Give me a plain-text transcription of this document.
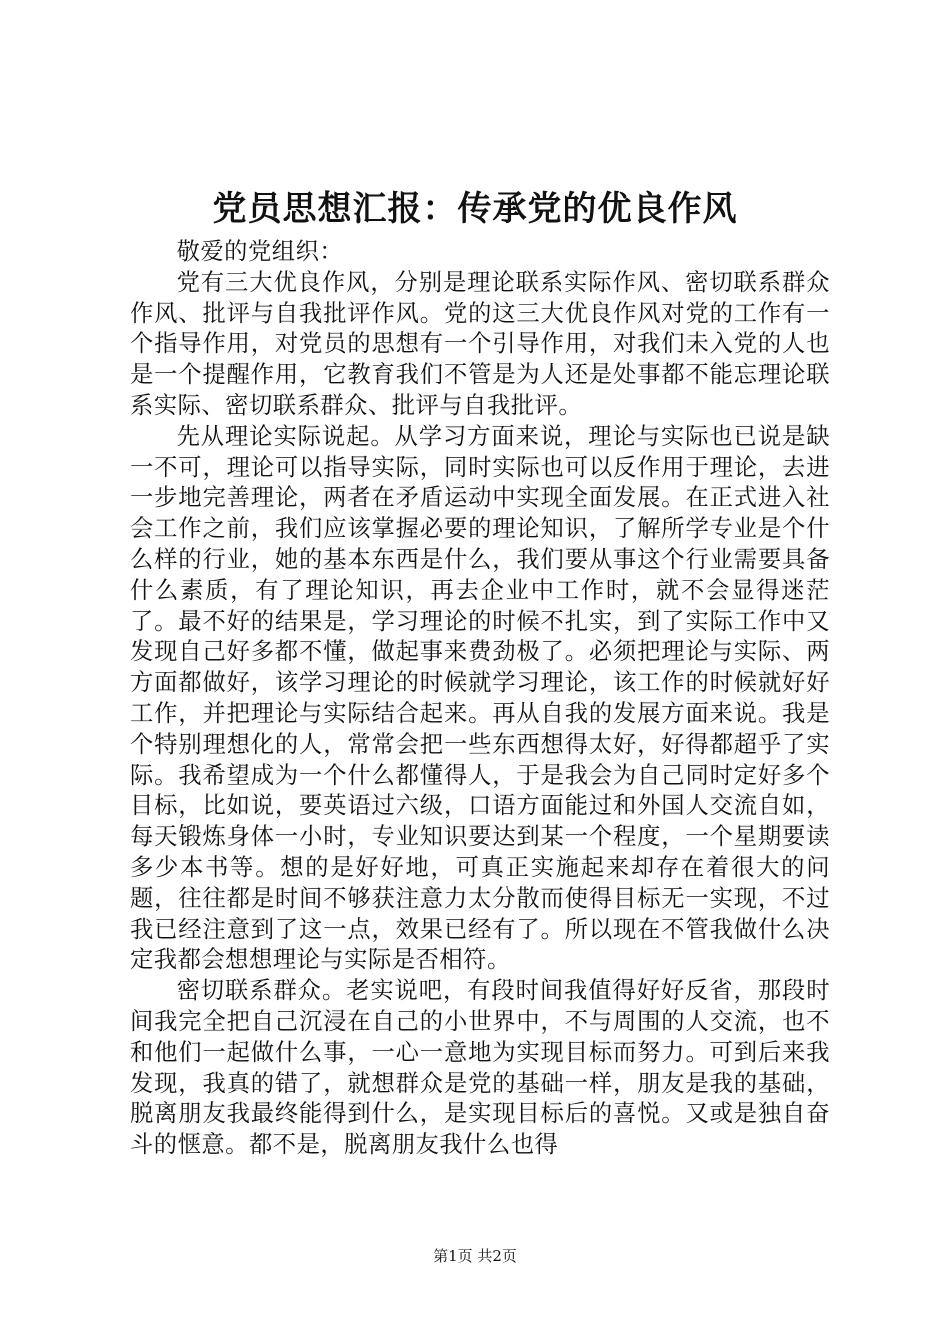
党员思想汇报：传承党的优良作风

敬爱的党组织：

党有三大优良作风，分别是理论联系实际作风、密切联系群众作风、批评与自我批评作风。党的这三大优良作风对党的工作有一个指导作用，对党员的思想有一个引导作用，对我们未入党的人也是一个提醒作用，它教育我们不管是为人还是处事都不能忘理论联系实际、密切联系群众、批评与自我批评。

先从理论实际说起。从学习方面来说，理论与实际也已说是缺一不可，理论可以指导实际，同时实际也可以反作用于理论，去进一步地完善理论，两者在矛盾运动中实现全面发展。在正式进入社会工作之前，我们应该掌握必要的理论知识，了解所学专业是个什么样的行业，她的基本东西是什么，我们要从事这个行业需要具备什么素质，有了理论知识，再去企业中工作时，就不会显得迷茫了。最不好的结果是，学习理论的时候不扎实，到了实际工作中又发现自己好多都不懂，做起事来费劲极了。必须把理论与实际、两方面都做好，该学习理论的时候就学习理论，该工作的时候就好好工作，并把理论与实际结合起来。再从自我的发展方面来说。我是个特别理想化的人，常常会把一些东西想得太好，好得都超乎了实际。我希望成为一个什么都懂得人，于是我会为自己同时定好多个目标，比如说，要英语过六级，口语方面能过和外国人交流自如，每天锻炼身体一小时，专业知识要达到某一个程度，一个星期要读多少本书等。想的是好好地，可真正实施起来却存在着很大的问题，往往都是时间不够获注意力太分散而使得目标无一实现，不过我已经注意到了这一点，效果已经有了。所以现在不管我做什么决定我都会想想理论与实际是否相符。

密切联系群众。老实说吧，有段时间我值得好好反省，那段时间我完全把自己沉浸在自己的小世界中，不与周围的人交流，也不和他们一起做什么事，一心一意地为实现目标而努力。可到后来我发现，我真的错了，就想群众是党的基础一样，朋友是我的基础，脱离朋友我最终能得到什么，是实现目标后的喜悦。又或是独自奋斗的惬意。都不是，脱离朋友我什么也得

第1页 共2页
